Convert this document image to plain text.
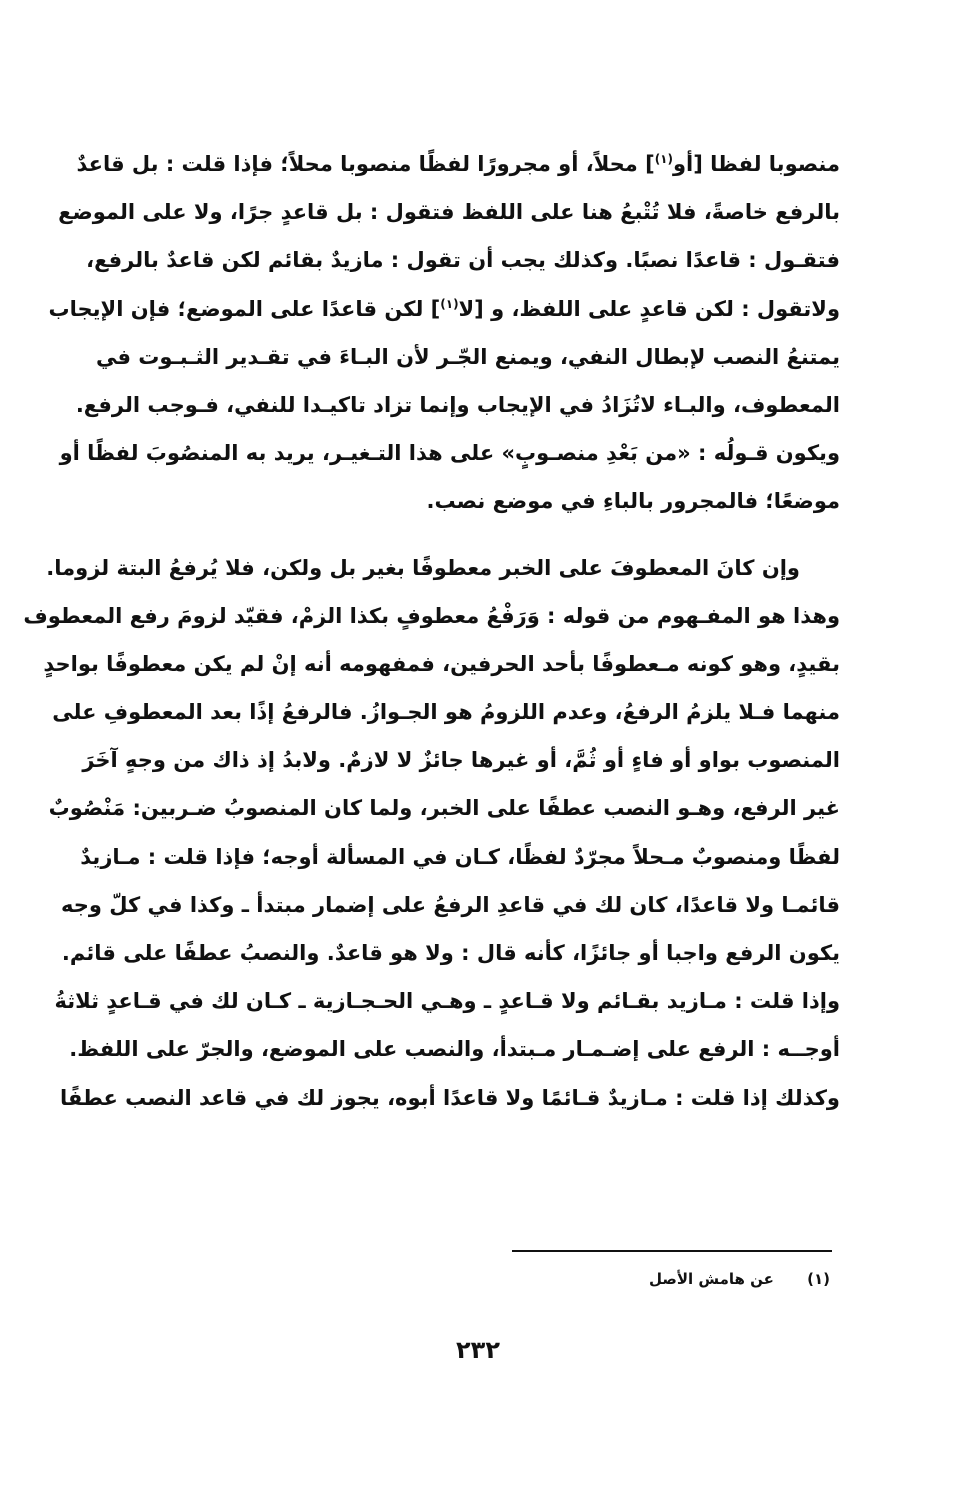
منصوبا لفظا [أو$^{(١)}$] محلاً، أو مجرورًا لفظًا منصوبا محلاً؛ فإذا قلت : بل قاعدٌ
بالرفع خاصةً، فلا تُتْبعُ هنا على اللفظ فتقول : بل قاعدٍ جرًا، ولا على الموضع
فتقـول : قاعدًا نصبًا. وكذلك يجب أن تقول : مازيدٌ بقائم لكن قاعدٌ بالرفع،
ولاتقول : لكن قاعدٍ على اللفظ، و [لا$^{(١)}$] لكن قاعدًا على الموضع؛ فإن الإيجاب
يمتنعُ النصب لإبطال النفي، ويمنع الجّـر لأن البـاءَ في تقـدير الثـبـوت في
المعطوف، والبـاء لاتُزَادُ في الإيجاب وإنما تزاد تاكيـدا للنفي، فـوجب الرفع.
ويكون قـولُه : «من بَعْدِ منصـوبٍ» على هذا التـغيـر، يريد به المنصُوبَ لفظًا أو
موضعًا؛ فالمجرور بالباءِ في موضع نصب.
وإن كانَ المعطوفَ على الخبر معطوفًا بغير بل ولكن، فلا يُرفعُ البتة لزوما.
وهذا هو المفـهوم من قوله : وَرَفْعُ معطوفٍ بكذا الزمْ، فقيّد لزومَ رفع المعطوف
بقيدٍ، وهو كونه مـعطوفًا بأحد الحرفين، فمفهومه أنه إنْ لم يكن معطوفًا بواحدٍ
منهما فـلا يلزمُ الرفعُ، وعدم اللزومُ هو الجـوازُ. فالرفعُ إذًا بعد المعطوفِ على
المنصوب بواو أو فاءٍ أو ثُمَّ، أو غيرها جائزٌ لا لازمٌ. ولابدُ إذ ذاك من وجهٍ آخَرَ
غير الرفع، وهـو النصب عطفًا على الخبر، ولما كان المنصوبُ ضـربين: مَنْصُوبٌ
لفظًا ومنصوبٌ مـحلاً مجرّدٌ لفظًا، كـان في المسألة أوجه؛ فإذا قلت : مـازيدٌ
قائمـا ولا قاعدًا، كان لك في قاعدِ الرفعُ على إضمار مبتدأ ـ وكذا في كلّ وجه
يكون الرفع واجبا أو جائزًا، كأنه قال : ولا هو قاعدٌ. والنصبُ عطفًا على قائم.
وإذا قلت : مـازيد بقـائم ولا قـاعدٍ ـ وهـي الحـجـازية ـ كـان لك في قـاعدٍ ثلاثةُ
أوجــه : الرفع على إضـمـار مـبتدأ، والنصب على الموضع، والجرّ على اللفظ.
وكذلك إذا قلت : مـازيدٌ قـائمًا ولا قاعدًا أبوه، يجوز لك في قاعد النصب عطفًا
(١) عن هامش الأصل
٢٣٢
